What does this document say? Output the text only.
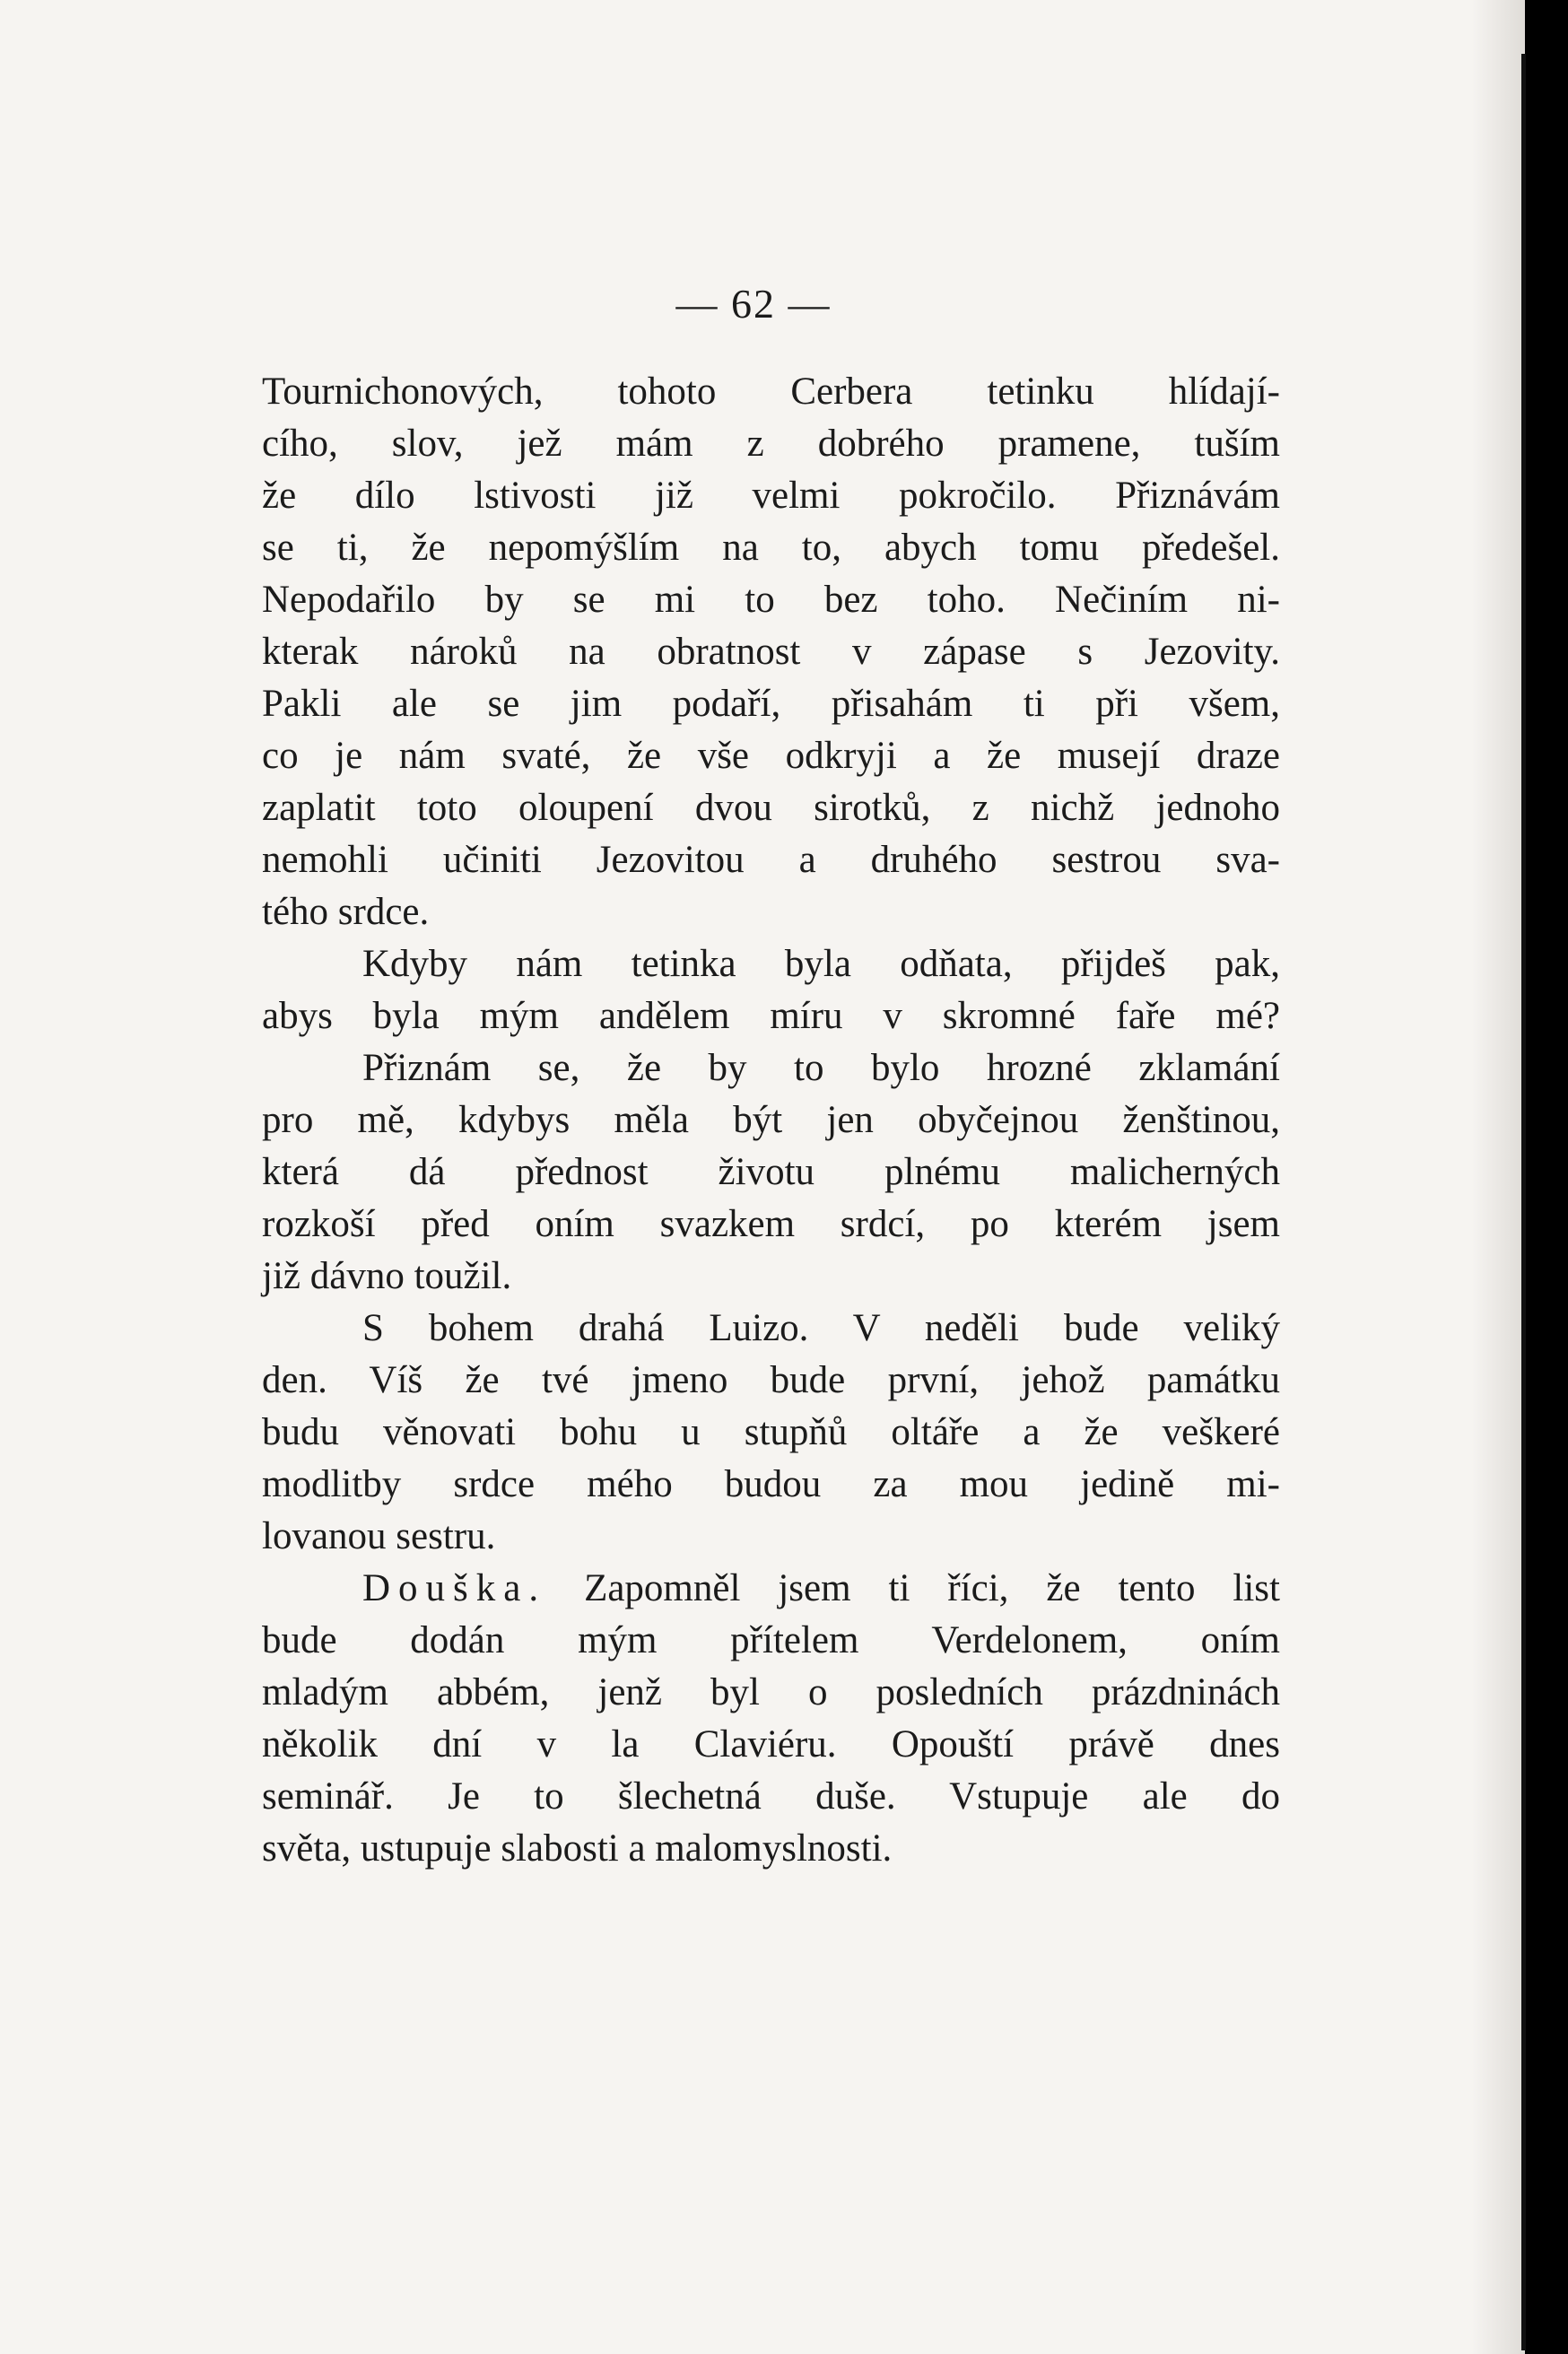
— 62 —
Tournichonových, tohoto Cerbera tetinku hlídají-
cího, slov, jež mám z dobrého pramene, tuším
že dílo lstivosti již velmi pokročilo. Přiznávám
se ti, že nepomýšlím na to, abych tomu předešel.
Nepodařilo by se mi to bez toho. Nečiním ni-
kterak nároků na obratnost v zápase s Jezovity.
Pakli ale se jim podaří, přisahám ti při všem,
co je nám svaté, že vše odkryji a že musejí draze
zaplatit toto oloupení dvou sirotků, z nichž jednoho
nemohli učiniti Jezovitou a druhého sestrou sva-
tého srdce.
Kdyby nám tetinka byla odňata, přijdeš pak,
abys byla mým andělem míru v skromné faře mé?
Přiznám se, že by to bylo hrozné zklamání
pro mě, kdybys měla být jen obyčejnou ženštinou,
která dá přednost životu plnému malicherných
rozkoší před oním svazkem srdcí, po kterém jsem
již dávno toužil.
S bohem drahá Luizo. V neděli bude veliký
den. Víš že tvé jmeno bude první, jehož památku
budu věnovati bohu u stupňů oltáře a že veškeré
modlitby srdce mého budou za mou jedině mi-
lovanou sestru.
Douška. Zapomněl jsem ti říci, že tento list
bude dodán mým přítelem Verdelonem, oním
mladým abbém, jenž byl o posledních prázdninách
několik dní v la Claviéru. Opouští právě dnes
seminář. Je to šlechetná duše. Vstupuje ale do
světa, ustupuje slabosti a malomyslnosti.
